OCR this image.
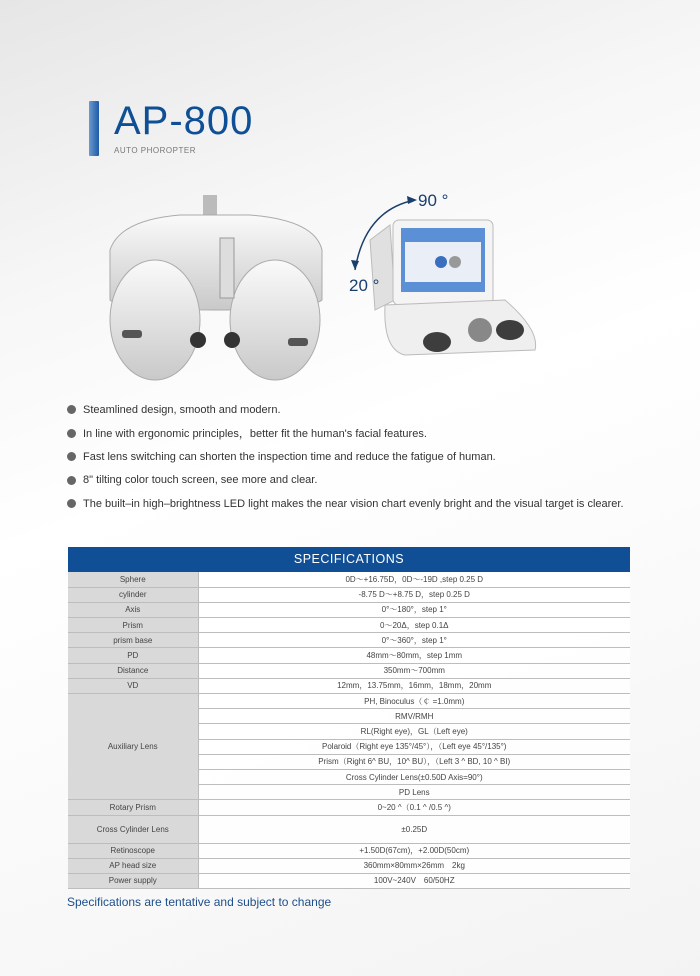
AP-800
AUTO PHOROPTER
90 °
20 °
Steamlined design, smooth and modern.
In line with ergonomic principles，better fit the human's facial features.
Fast lens switching can shorten the inspection time and reduce the fatigue of human.
8" tilting color touch screen, see more and clear.
The built–in high–brightness LED light makes the near vision chart evenly bright and the visual target is clearer.
SPECIFICATIONS
Sphere	0D～+16.75D，0D～-19D ,step 0.25 D
cylinder	-8.75 D～+8.75 D，step 0.25 D
Axis	0°～180°，step 1°
Prism	0～20Δ，step 0.1Δ
prism base	0°～360°，step 1°
PD	48mm～80mm，step 1mm
Distance	350mm～700mm
VD	12mm，13.75mm，16mm，18mm，20mm
Auxiliary Lens	PH, Binoculus（￠ =1.0mm)
	RMV/RMH
	RL(Right eye)，GL（Left eye)
	Polaroid（Right eye 135°/45°），（Left eye 45°/135°)
	Prism（Right 6^ BU，10^ BU），（Left 3 ^ BD, 10 ^ BI)
	Cross Cylinder Lens(±0.50D Axis=90°)
	PD Lens
Rotary Prism	0~20 ^（0.1 ^ /0.5 ^)
Cross Cylinder Lens	±0.25D
Retinoscope	+1.50D(67cm)，+2.00D(50cm)
AP head size	360mm×80mm×26mm　2kg
Power supply	100V~240V　60/50HZ
Specifications are tentative and subject to change
